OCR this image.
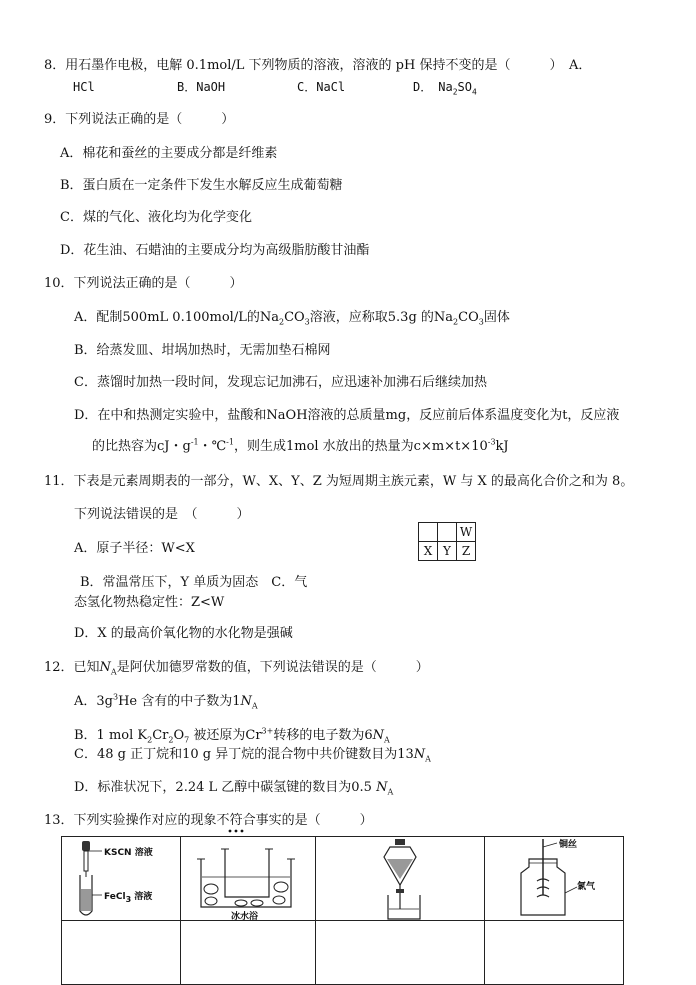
8．用石墨作电极，电解 0.1mol/L 下列物质的溶液，溶液的 pH 保持不变的是（　　　）　A．
HCl	B．NaOH	C．NaCl	D．　$Na_2SO_4$
9．下列说法正确的是（　　　）
A．棉花和蚕丝的主要成分都是纤维素
B．蛋白质在一定条件下发生水解反应生成葡萄糖
C．煤的气化、液化均为化学变化
D．花生油、石蜡油的主要成分均为高级脂肪酸甘油酯
10．下列说法正确的是（　　　）
A．配制500mL 0.100mol/L的$Na_2CO_3$溶液，应称取5.3g 的$Na_2CO_3$固体
B．给蒸发皿、坩埚加热时，无需加垫石棉网
C．蒸馏时加热一段时间，发现忘记加沸石，应迅速补加沸石后继续加热
D．在中和热测定实验中，盐酸和NaOH溶液的总质量mg，反应前后体系温度变化为t，反应液
的比热容为cJ・$g^{-1}$・℃$^{-1}$，则生成1mol 水放出的热量为$c\times m\times t\times 10^{-3}kJ$
11．下表是元素周期表的一部分，W、X、Y、Z 为短周期主族元素，W 与 X 的最高化合价之和为 8。
下列说法错误的是　（　　　）
A．原子半径：W<X
B．常温常压下，Y 单质为固态　C．气
态氢化物热稳定性：Z<W
D．X 的最高价氧化物的水化物是强碱
		W
X	Y	Z
12．已知$N_A$是阿伏加德罗常数的值，下列说法错误的是（　　　）
A．$3g^3He$ 含有的中子数为$1N_A$
B．1 mol $K_2Cr_2O_7$ 被还原为$Cr^{3+}$转移的电子数为$6N_A$
C．48 g 正丁烷和10 g 异丁烷的混合物中共价键数目为$13N_A$
D．标准状况下，2.24 L 乙醇中碳氢键的数目为0.5 $N_A$
13．下列实验操作对应的现象不符合事实的是（　　　）
KSCN 溶液
FeCl$_3$ 溶液	冰水浴		铜丝
氯气
